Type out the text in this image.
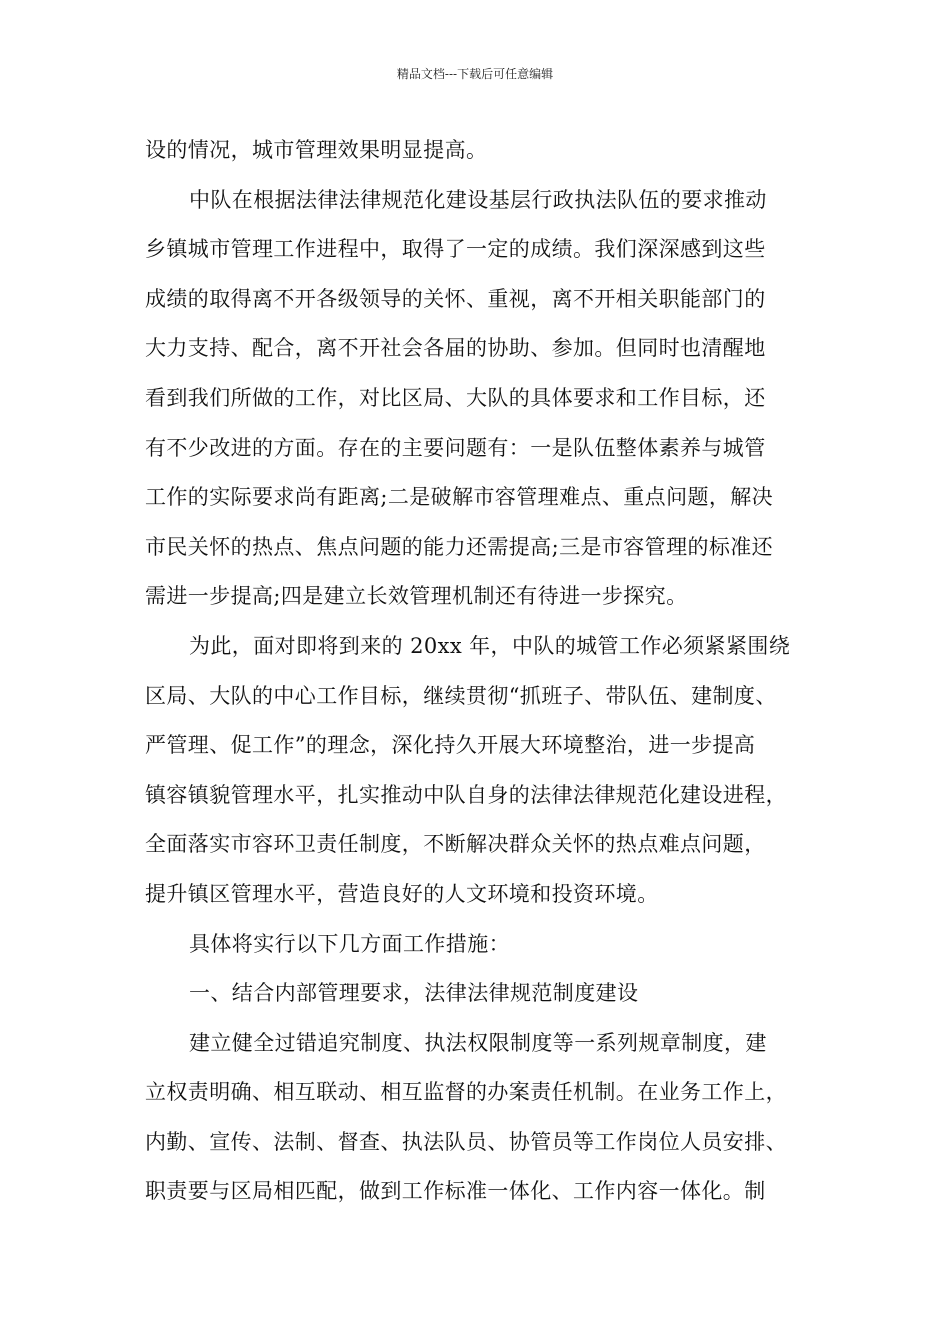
精品文档---下载后可任意编辑
设的情况，城市管理效果明显提高。
中队在根据法律法律规范化建设基层行政执法队伍的要求推动
乡镇城市管理工作进程中，取得了一定的成绩。我们深深感到这些
成绩的取得离不开各级领导的关怀、重视，离不开相关职能部门的
大力支持、配合，离不开社会各届的协助、参加。但同时也清醒地
看到我们所做的工作，对比区局、大队的具体要求和工作目标，还
有不少改进的方面。存在的主要问题有：一是队伍整体素养与城管
工作的实际要求尚有距离;二是破解市容管理难点、重点问题，解决
市民关怀的热点、焦点问题的能力还需提高;三是市容管理的标准还
需进一步提高;四是建立长效管理机制还有待进一步探究。
为此，面对即将到来的 20xx 年，中队的城管工作必须紧紧围绕
区局、大队的中心工作目标，继续贯彻“抓班子、带队伍、建制度、
严管理、促工作”的理念，深化持久开展大环境整治，进一步提高
镇容镇貌管理水平，扎实推动中队自身的法律法律规范化建设进程，
全面落实市容环卫责任制度，不断解决群众关怀的热点难点问题，
提升镇区管理水平，营造良好的人文环境和投资环境。
具体将实行以下几方面工作措施：
一、结合内部管理要求，法律法律规范制度建设
建立健全过错追究制度、执法权限制度等一系列规章制度，建
立权责明确、相互联动、相互监督的办案责任机制。在业务工作上，
内勤、宣传、法制、督查、执法队员、协管员等工作岗位人员安排、
职责要与区局相匹配，做到工作标准一体化、工作内容一体化。制
